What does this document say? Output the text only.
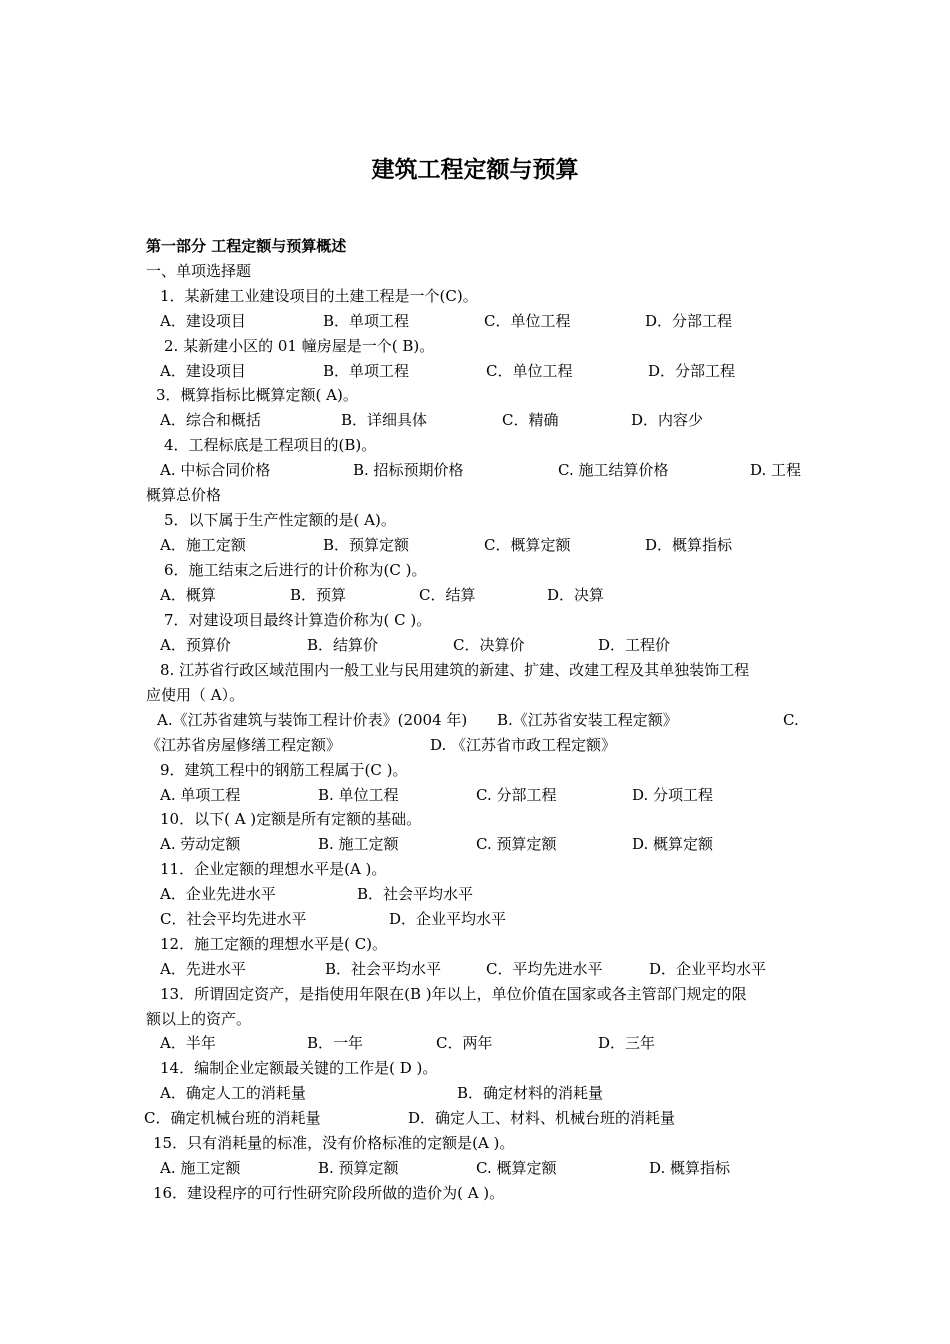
建筑工程定额与预算
第一部分 工程定额与预算概述
一、单项选择题
1．某新建工业建设项目的土建工程是一个(C)。
A．建设项目	B．单项工程	C．单位工程	D．分部工程
2. 某新建小区的 01 幢房屋是一个( B)。
A．建设项目	B．单项工程	C．单位工程	D．分部工程
3．概算指标比概算定额( A)。
A．综合和概括	B．详细具体	C．精确	D．内容少
4．工程标底是工程项目的(B)。
A. 中标合同价格	B. 招标预期价格	C. 施工结算价格	D. 工程
概算总价格
5．以下属于生产性定额的是( A)。
A．施工定额	B．预算定额	C．概算定额	D．概算指标
6．施工结束之后进行的计价称为(C )。
A．概算	B．预算	C．结算	D．决算
7．对建设项目最终计算造价称为( C )。
A．预算价	B．结算价	C．决算价	D．工程价
8. 江苏省行政区域范围内一般工业与民用建筑的新建、扩建、改建工程及其单独装饰工程
应使用（ A）。
A.《江苏省建筑与装饰工程计价表》(2004 年) B.《江苏省安装工程定额》	C.
《江苏省房屋修缮工程定额》	D. 《江苏省市政工程定额》
9．建筑工程中的钢筋工程属于(C )。
A. 单项工程	B. 单位工程	C. 分部工程	D. 分项工程
10．以下( A )定额是所有定额的基础。
A. 劳动定额	B. 施工定额	C. 预算定额	D. 概算定额
11．企业定额的理想水平是(A )。
A．企业先进水平	B．社会平均水平
C．社会平均先进水平	D．企业平均水平
12．施工定额的理想水平是( C)。
A．先进水平	B．社会平均水平	C．平均先进水平	D．企业平均水平
13．所谓固定资产，是指使用年限在(B )年以上，单位价值在国家或各主管部门规定的限
额以上的资产。
A．半年	B．一年	C．两年	D．三年
14．编制企业定额最关键的工作是( D )。
A．确定人工的消耗量	B．确定材料的消耗量
C．确定机械台班的消耗量	D．确定人工、材料、机械台班的消耗量
15．只有消耗量的标准，没有价格标准的定额是(A )。
A. 施工定额	B. 预算定额	C. 概算定额	D. 概算指标
16．建设程序的可行性研究阶段所做的造价为( A )。
